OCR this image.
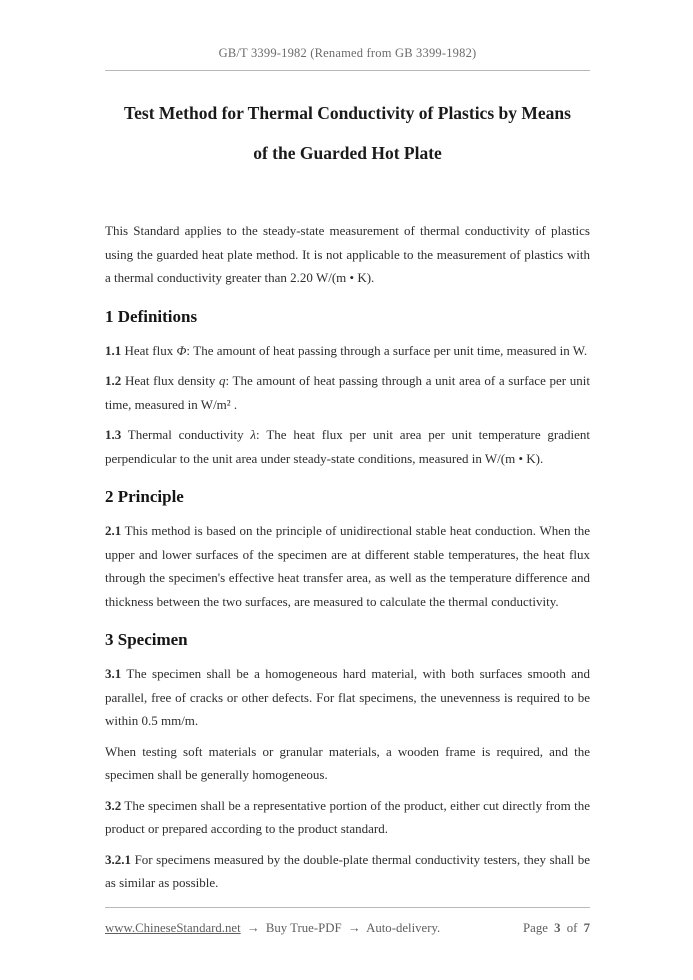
GB/T 3399-1982 (Renamed from GB 3399-1982)
Test Method for Thermal Conductivity of Plastics by Means
of the Guarded Hot Plate

This Standard applies to the steady-state measurement of thermal conductivity of plastics using the guarded heat plate method. It is not applicable to the measurement of plastics with a thermal conductivity greater than 2.20 W/(m • K).

1 Definitions

1.1 Heat flux Φ: The amount of heat passing through a surface per unit time, measured in W.

1.2 Heat flux density q: The amount of heat passing through a unit area of a surface per unit time, measured in W/m² .

1.3 Thermal conductivity λ: The heat flux per unit area per unit temperature gradient perpendicular to the unit area under steady-state conditions, measured in W/(m • K).

2 Principle

2.1 This method is based on the principle of unidirectional stable heat conduction. When the upper and lower surfaces of the specimen are at different stable temperatures, the heat flux through the specimen's effective heat transfer area, as well as the temperature difference and thickness between the two surfaces, are measured to calculate the thermal conductivity.

3 Specimen

3.1 The specimen shall be a homogeneous hard material, with both surfaces smooth and parallel, free of cracks or other defects. For flat specimens, the unevenness is required to be within 0.5 mm/m.

When testing soft materials or granular materials, a wooden frame is required, and the specimen shall be generally homogeneous.

3.2 The specimen shall be a representative portion of the product, either cut directly from the product or prepared according to the product standard.

3.2.1 For specimens measured by the double-plate thermal conductivity testers, they shall be as similar as possible.

www.ChineseStandard.net → Buy True-PDF → Auto-delivery.	Page 3 of 7
